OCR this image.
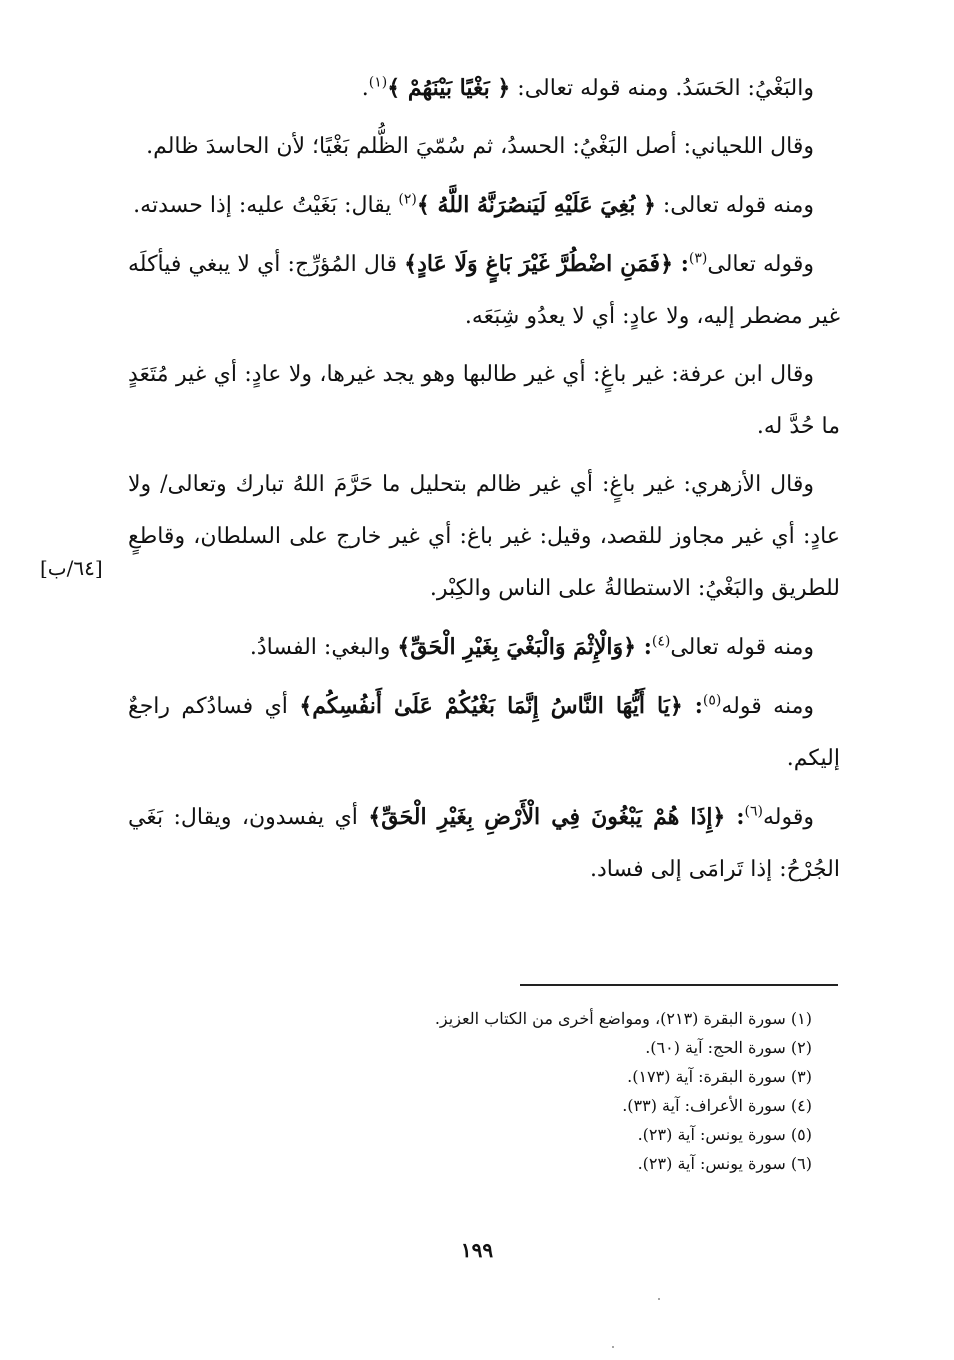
والبَغْيُ: الحَسَدُ. ومنه قوله تعالى: ﴿ بَغْيًا بَيْنَهُمْ ﴾$^{(١)}$.

وقال اللحياني: أصل البَغْيُ: الحسدُ، ثم سُمّيَ الظُّلم بَغْيًا؛ لأن الحاسدَ ظالم.

ومنه قوله تعالى: ﴿ بُغِيَ عَلَيْهِ لَيَنصُرَنَّهُ اللَّهُ ﴾$^{(٢)}$ يقال: بَغَيْتُ عليه: إذا حسدته.

وقوله تعالى$^{(٣)}$: ﴿فَمَنِ اضْطُرَّ غَيْرَ بَاغٍ وَلَا عَادٍ﴾ قال المُؤرِّج: أي لا يبغي فيأكلَه غير مضطر إليه، ولا عادٍ: أي لا يعدُو شِبَعَه.

وقال ابن عرفة: غير باغٍ: أي غير طالبها وهو يجد غيرها، ولا عادٍ: أي غير مُتَعَدٍ ما حُدَّ له.

وقال الأزهري: غير باغٍ: أي غير ظالم بتحليل ما حَرَّمَ اللهُ تبارك وتعالى/ ولا عادٍ: أي غير مجاوز للقصد، وقيل: غير باغ: أي غير خارج على السلطان، وقاطعٍ للطريق والبَغْيُ: الاستطالةُ على الناس والكِبْر.

ومنه قوله تعالى$^{(٤)}$: ﴿وَالْإِثْمَ وَالْبَغْيَ بِغَيْرِ الْحَقِّ﴾ والبغي: الفسادُ.

ومنه قوله$^{(٥)}$: ﴿يَا أَيُّهَا النَّاسُ إِنَّمَا بَغْيُكُمْ عَلَىٰ أَنفُسِكُم﴾ أي فسادُكم راجعٌ إليكم.

وقوله$^{(٦)}$: ﴿إِذَا هُمْ يَبْغُونَ فِي الْأَرْضِ بِغَيْرِ الْحَقِّ﴾ أي يفسدون، ويقال: بَغَي الجُرْحُ: إذا تَرامَى إلى فساد.

[٦٤/ب]
(١) سورة البقرة (٢١٣)، ومواضع أخرى من الكتاب العزيز.
(٢) سورة الحج: آية (٦٠).
(٣) سورة البقرة: آية (١٧٣).
(٤) سورة الأعراف: آية (٣٣).
(٥) سورة يونس: آية (٢٣).
(٦) سورة يونس: آية (٢٣).
١٩٩
